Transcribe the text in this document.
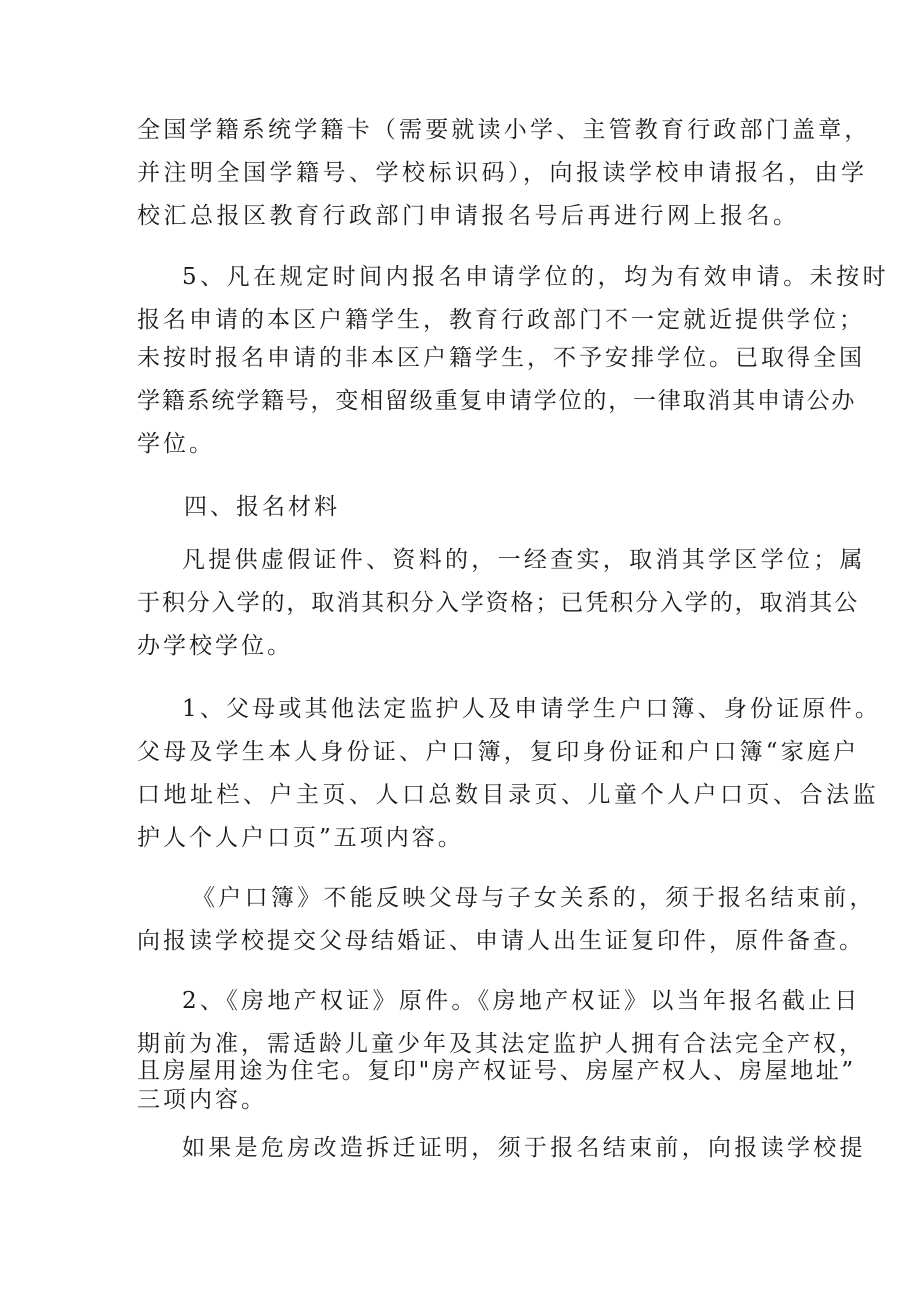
全国学籍系统学籍卡（需要就读小学、主管教育行政部门盖章，
并注明全国学籍号、学校标识码），向报读学校申请报名，由学
校汇总报区教育行政部门申请报名号后再进行网上报名。
5、凡在规定时间内报名申请学位的，均为有效申请。未按时
报名申请的本区户籍学生，教育行政部门不一定就近提供学位；
未按时报名申请的非本区户籍学生，不予安排学位。已取得全国
学籍系统学籍号，变相留级重复申请学位的，一律取消其申请公办
学位。
四、报名材料
凡提供虚假证件、资料的，一经查实，取消其学区学位；属
于积分入学的，取消其积分入学资格；已凭积分入学的，取消其公
办学校学位。
1、父母或其他法定监护人及申请学生户口簿、身份证原件。
父母及学生本人身份证、户口簿，复印身份证和户口簿“家庭户
口地址栏、户主页、人口总数目录页、儿童个人户口页、合法监
护人个人户口页”五项内容。
《户口簿》不能反映父母与子女关系的，须于报名结束前，
向报读学校提交父母结婚证、申请人出生证复印件，原件备查。
2、《房地产权证》原件。《房地产权证》以当年报名截止日
期前为准，需适龄儿童少年及其法定监护人拥有合法完全产权，
且房屋用途为住宅。复印"房产权证号、房屋产权人、房屋地址”
三项内容。
如果是危房改造拆迁证明，须于报名结束前，向报读学校提
